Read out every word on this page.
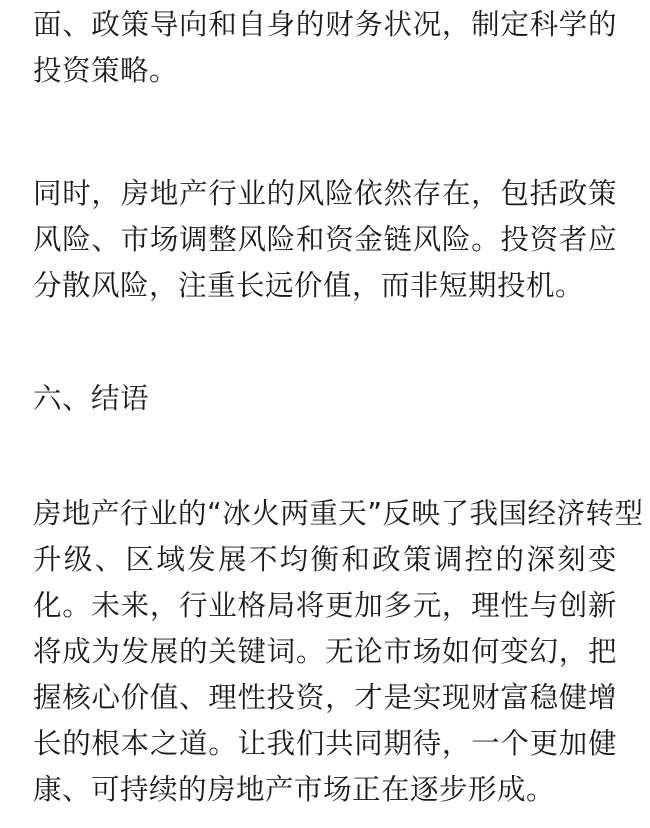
面、政策导向和自身的财务状况，制定科学的
投资策略。
同时，房地产行业的风险依然存在，包括政策
风险、市场调整风险和资金链风险。投资者应
分散风险，注重长远价值，而非短期投机。
六、结语
房地产行业的“冰火两重天”反映了我国经济转型
升级、区域发展不均衡和政策调控的深刻变
化。未来，行业格局将更加多元，理性与创新
将成为发展的关键词。无论市场如何变幻，把
握核心价值、理性投资，才是实现财富稳健增
长的根本之道。让我们共同期待，一个更加健
康、可持续的房地产市场正在逐步形成。
